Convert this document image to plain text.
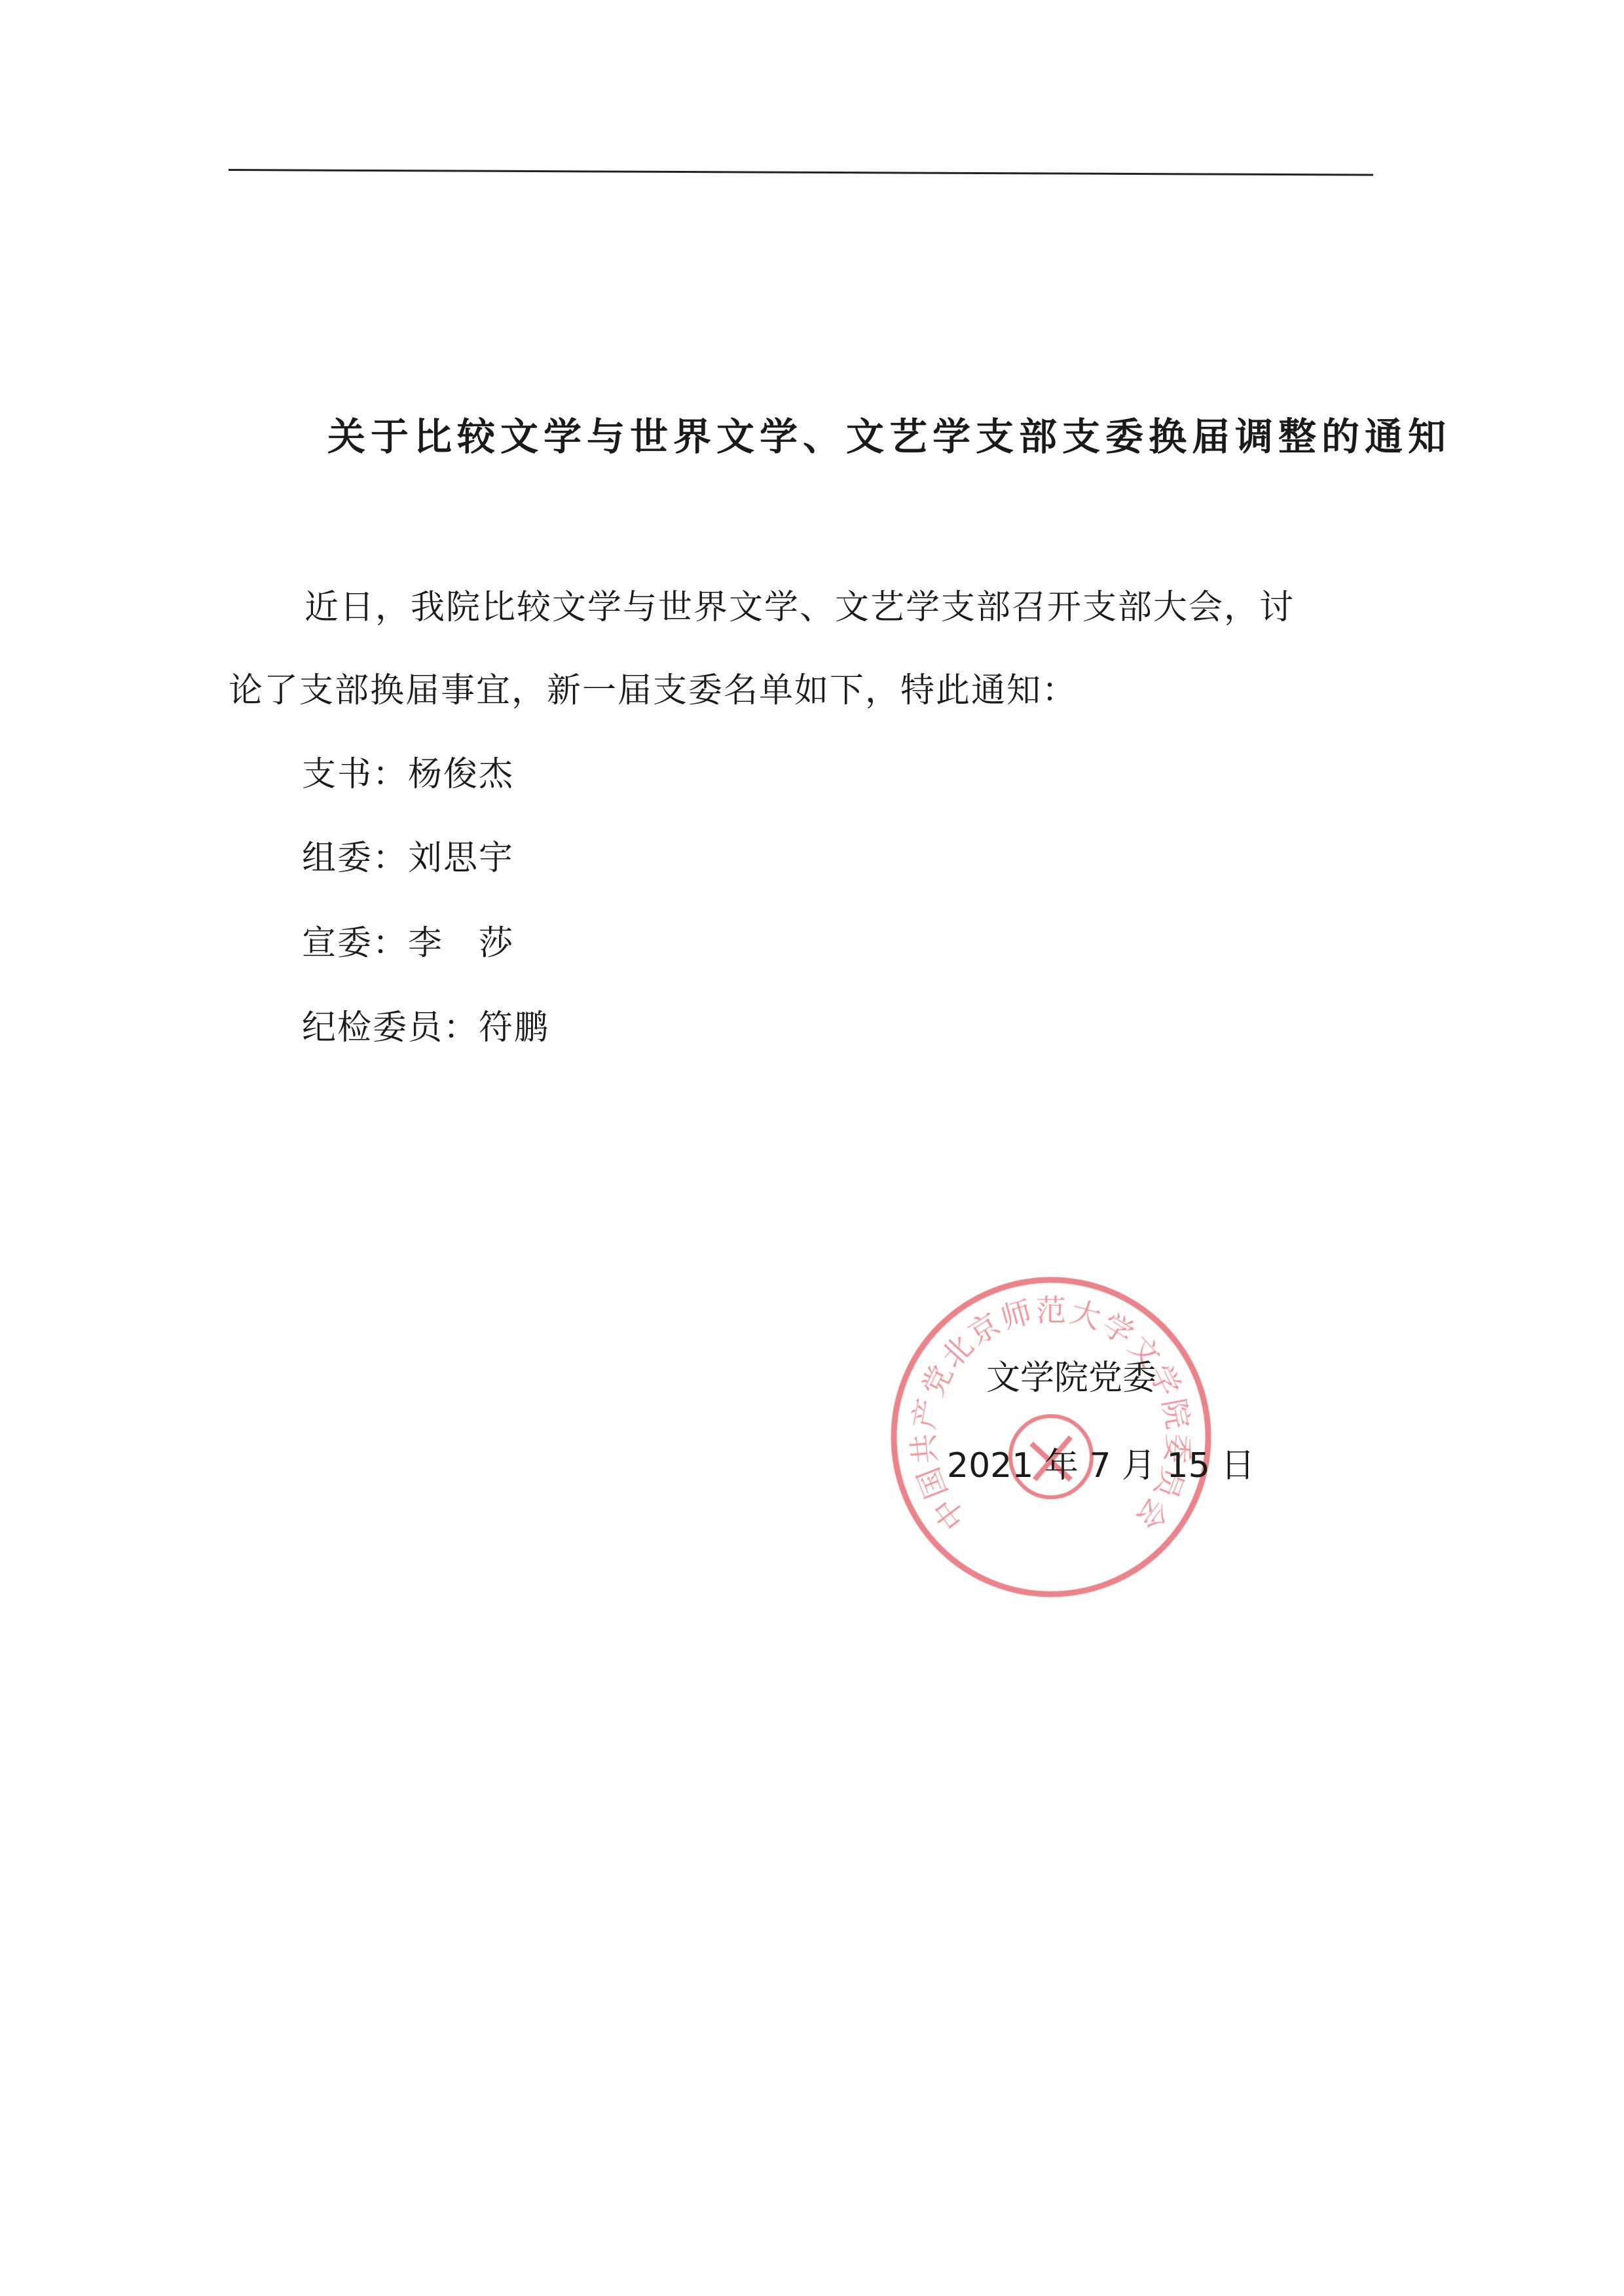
关于比较文学与世界文学、文艺学支部支委换届调整的通知
近日，我院比较文学与世界文学、文艺学支部召开支部大会，讨
论了支部换届事宜，新一届支委名单如下，特此通知：
支书：杨俊杰
组委：刘思宇
宣委：李　莎
纪检委员：符鹏
文学院党委
2021 年 7 月 15 日
